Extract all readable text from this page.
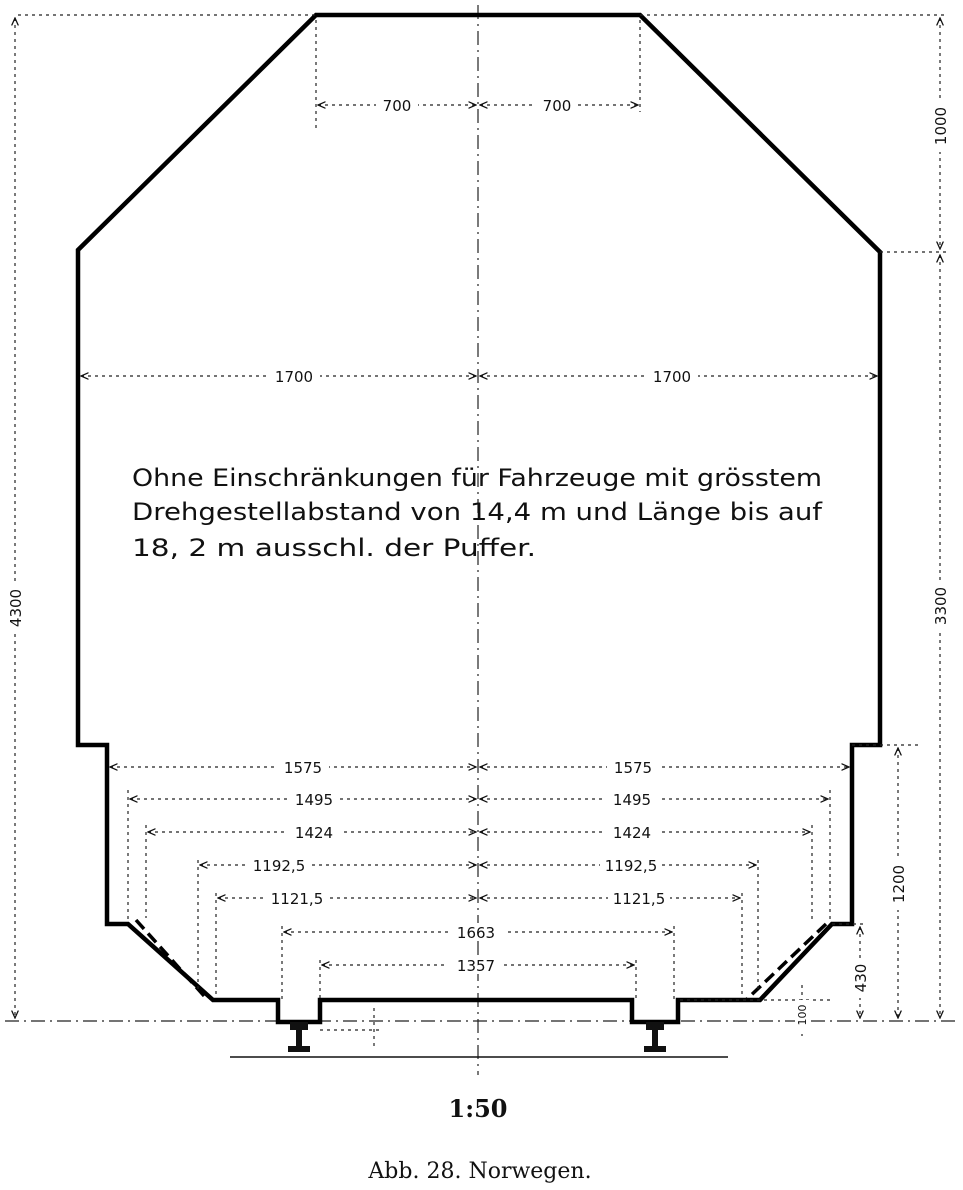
700	700
1700	1700
1575	1575
1495	1495
1424	1424
1192,5	1192,5
1121,5	1121,5
1663
1357
4300
1000
3300
1200
430
100
Ohne Einschränkungen für Fahrzeuge mit grösstem
Drehgestellabstand von 14,4 m und Länge bis auf
18, 2 m ausschl. der Puffer.
1:50
Abb. 28. Norwegen.
